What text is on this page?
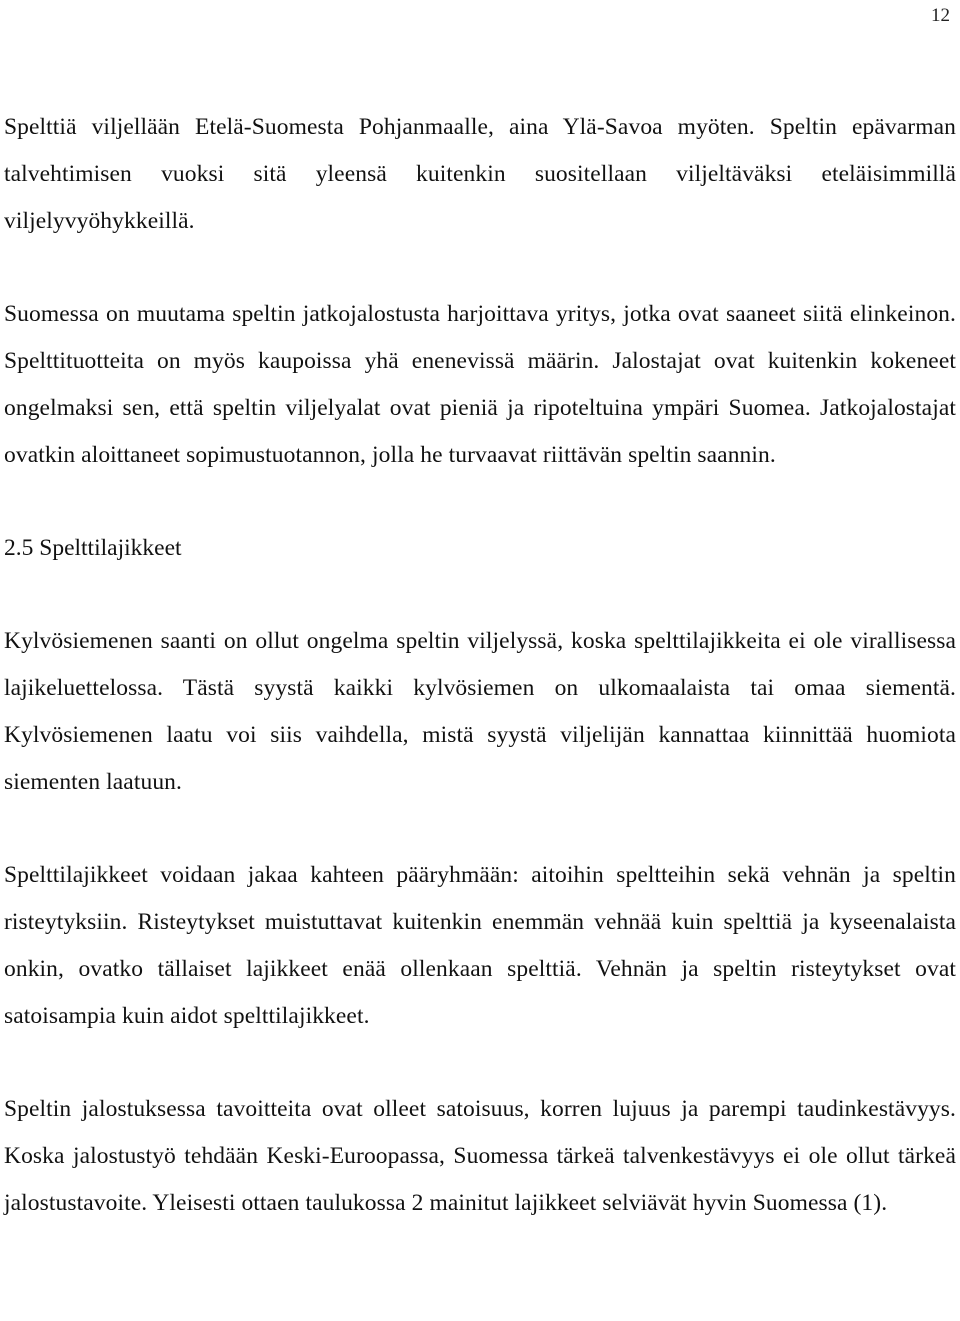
12

Spelttiä viljellään Etelä-Suomesta Pohjanmaalle, aina Ylä-Savoa myöten. Speltin epävarman talvehtimisen vuoksi sitä yleensä kuitenkin suositellaan viljeltäväksi eteläisimmillä viljelyvyöhykkeillä.

Suomessa on muutama speltin jatkojalostusta harjoittava yritys, jotka ovat saaneet siitä elinkeinon. Spelttituotteita on myös kaupoissa yhä enenevissä määrin. Jalostajat ovat kuitenkin kokeneet ongelmaksi sen, että speltin viljelyalat ovat pieniä ja ripoteltuina ympäri Suomea. Jatkojalostajat ovatkin aloittaneet sopimustuotannon, jolla he turvaavat riittävän speltin saannin.

2.5 Spelttilajikkeet

Kylvösiemenen saanti on ollut ongelma speltin viljelyssä, koska spelttilajikkeita ei ole virallisessa lajikeluettelossa. Tästä syystä kaikki kylvösiemen on ulkomaalaista tai omaa siementä. Kylvösiemenen laatu voi siis vaihdella, mistä syystä viljelijän kannattaa kiinnittää huomiota siementen laatuun.

Spelttilajikkeet voidaan jakaa kahteen pääryhmään: aitoihin speltteihin sekä vehnän ja speltin risteytyksiin. Risteytykset muistuttavat kuitenkin enemmän vehnää kuin spelttiä ja kyseenalaista onkin, ovatko tällaiset lajikkeet enää ollenkaan spelttiä. Vehnän ja speltin risteytykset ovat satoisampia kuin aidot spelttilajikkeet.

Speltin jalostuksessa tavoitteita ovat olleet satoisuus, korren lujuus ja parempi taudinkestävyys. Koska jalostustyö tehdään Keski-Euroopassa, Suomessa tärkeä talvenkestävyys ei ole ollut tärkeä jalostustavoite. Yleisesti ottaen taulukossa 2 mainitut lajikkeet selviävät hyvin Suomessa (1).
